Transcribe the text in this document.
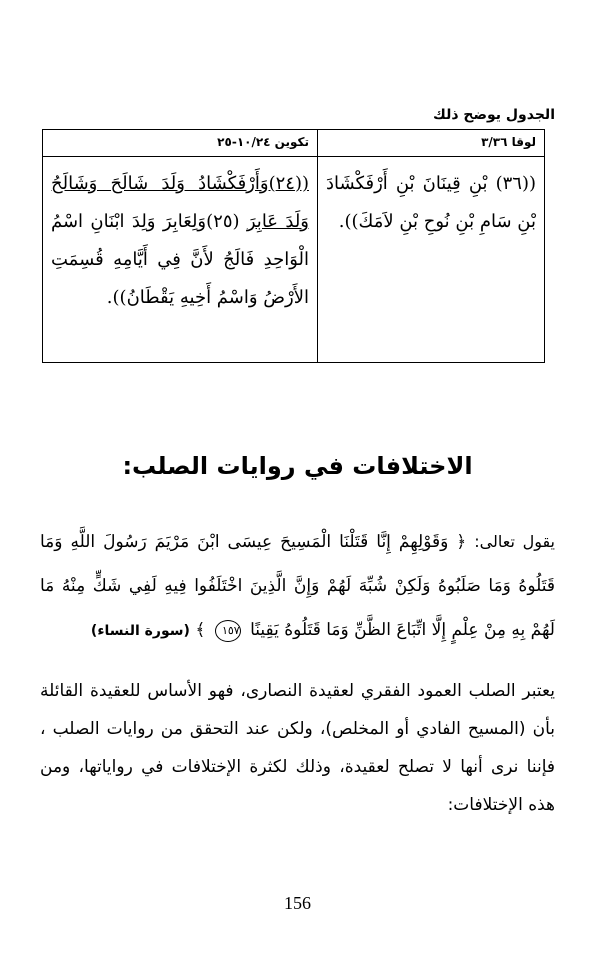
الجدول يوضح ذلك
لوقا ٣/٣٦	تكوين ١٠/٢٤-٢٥

((٣٦) بْنِ قِينَانَ بْنِ أَرْفَكْشَادَ بْنِ سَامِ بْنِ نُوحِ بْنِ لاَمَكَ)).	((٢٤)وَأَرْفَكْشَادُ وَلَدَ شَالَحَ وَشَالَحُ وَلَدَ عَابِرَ (٢٥)وَلِعَابِرَ وَلِدَ ابْنَانِ اسْمُ الْوَاحِدِ فَالَجُ لأَنَّ فِي أَيَّامِهِ قُسِمَتِ الأَرْضُ وَاسْمُ أَخِيهِ يَقْطَانُ)).
الاختلافات في روايات الصلب:
يقول تعالى: ﴿ وَقَوْلِهِمْ إِنَّا قَتَلْنَا الْمَسِيحَ عِيسَى ابْنَ مَرْيَمَ رَسُولَ اللَّهِ وَمَا قَتَلُوهُ وَمَا صَلَبُوهُ وَلَكِنْ شُبِّهَ لَهُمْ وَإِنَّ الَّذِينَ اخْتَلَفُوا فِيهِ لَفِي شَكٍّ مِنْهُ مَا لَهُمْ بِهِ مِنْ عِلْمٍ إِلَّا اتِّبَاعَ الظَّنِّ وَمَا قَتَلُوهُ يَقِينًا ١٥٧ ﴾ (سورة النساء)
يعتبر الصلب العمود الفقري لعقيدة النصارى، فهو الأساس للعقيدة القائلة بأن (المسيح الفادي أو المخلص)، ولكن عند التحقق من روايات الصلب ، فإننا نرى أنها لا تصلح لعقيدة، وذلك لكثرة الإختلافات في رواياتها، ومن هذه الإختلافات:
156
